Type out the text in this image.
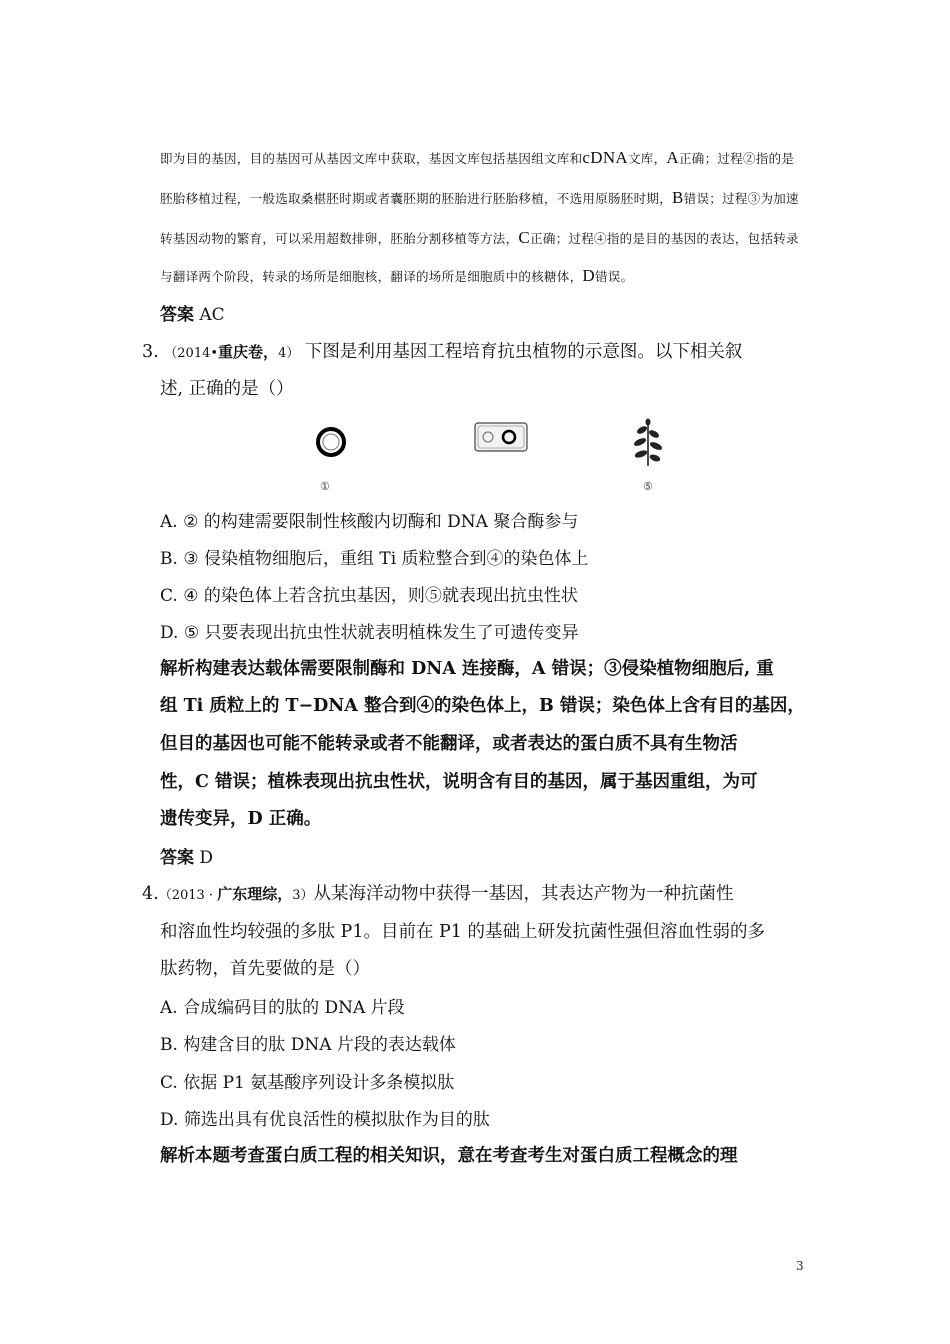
即为目的基因，目的基因可从基因文库中获取，基因文库包括基因组文库和cDNA文库，A正确；过程②指的是
胚胎移植过程，一般选取桑椹胚时期或者囊胚期的胚胎进行胚胎移植，不选用原肠胚时期，B错误；过程③为加速
转基因动物的繁育，可以采用超数排卵，胚胎分割移植等方法，C正确；过程④指的是目的基因的表达，包括转录
与翻译两个阶段，转录的场所是细胞核，翻译的场所是细胞质中的核糖体，D错误。
答案 AC
3. （2014•重庆卷，4） 下图是利用基因工程培育抗虫植物的示意图。以下相关叙
述, 正确的是（）
①	⑤
A. ② 的构建需要限制性核酸内切酶和 DNA 聚合酶参与
B. ③ 侵染植物细胞后，重组 Ti 质粒整合到④的染色体上
C. ④ 的染色体上若含抗虫基因，则⑤就表现出抗虫性状
D. ⑤ 只要表现出抗虫性状就表明植株发生了可遗传变异
解析构建表达载体需要限制酶和 DNA 连接酶，A 错误；③侵染植物细胞后, 重
组 Ti 质粒上的 T−DNA 整合到④的染色体上，B 错误；染色体上含有目的基因，
但目的基因也可能不能转录或者不能翻译，或者表达的蛋白质不具有生物活
性，C 错误；植株表现出抗虫性状，说明含有目的基因，属于基因重组，为可
遗传变异，D 正确。
答案 D
4.（2013 · 广东理综，3）从某海洋动物中获得一基因，其表达产物为一种抗菌性
和溶血性均较强的多肽 P1。目前在 P1 的基础上研发抗菌性强但溶血性弱的多
肽药物，首先要做的是（）
A. 合成编码目的肽的 DNA 片段
B. 构建含目的肽 DNA 片段的表达载体
C. 依据 P1 氨基酸序列设计多条模拟肽
D. 筛选出具有优良活性的模拟肽作为目的肽
解析本题考查蛋白质工程的相关知识，意在考查考生对蛋白质工程概念的理
3
